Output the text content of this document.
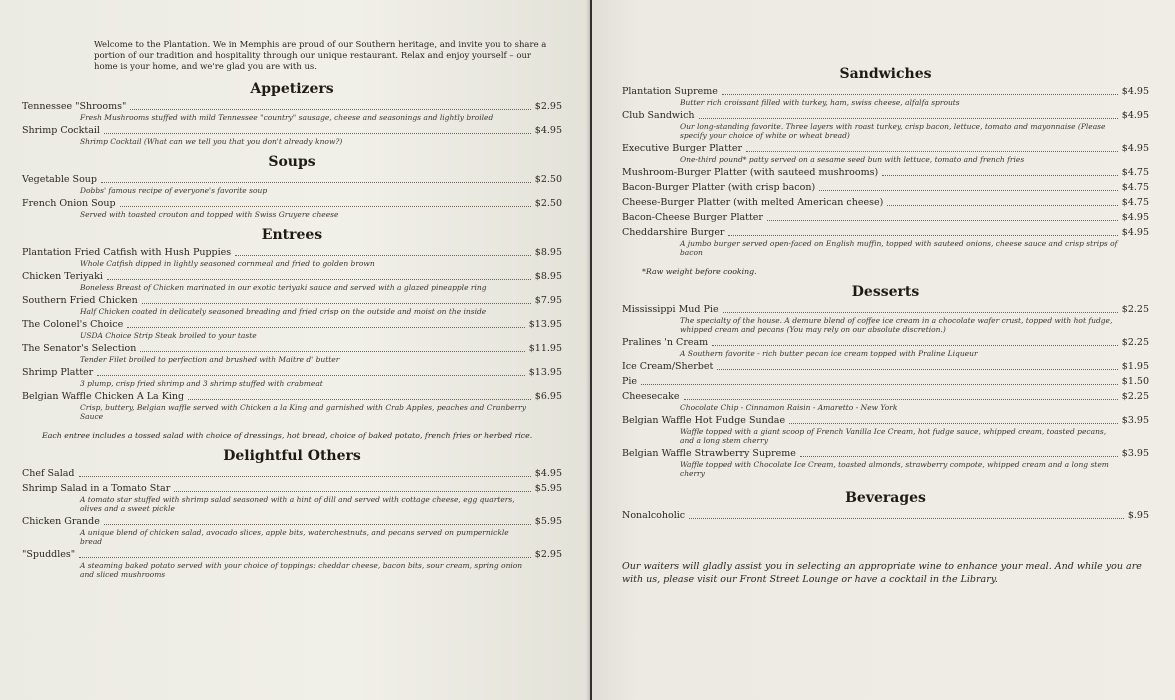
Welcome to the Plantation. We in Memphis are proud of our Southern heritage, and invite you to share a portion of our tradition and hospitality through our unique restaurant. Relax and enjoy yourself – our home is your home, and we're glad you are with us.
Appetizers
Tennessee "Shrooms"	$2.95
Fresh Mushrooms stuffed with mild Tennessee "country" sausage, cheese and seasonings and lightly broiled
Shrimp Cocktail	$4.95
Shrimp Cocktail (What can we tell you that you don't already know?)
Soups
Vegetable Soup	$2.50
Dobbs' famous recipe of everyone's favorite soup
French Onion Soup	$2.50
Served with toasted crouton and topped with Swiss Gruyere cheese
Entrees
Plantation Fried Catfish with Hush Puppies	$8.95
Whole Catfish dipped in lightly seasoned cornmeal and fried to golden brown
Chicken Teriyaki	$8.95
Boneless Breast of Chicken marinated in our exotic teriyaki sauce and served with a glazed pineapple ring
Southern Fried Chicken	$7.95
Half Chicken coated in delicately seasoned breading and fried crisp on the outside and moist on the inside
The Colonel's Choice	$13.95
USDA Choice Strip Steak broiled to your taste
The Senator's Selection	$11.95
Tender Filet broiled to perfection and brushed with Maitre d' butter
Shrimp Platter	$13.95
3 plump, crisp fried shrimp and 3 shrimp stuffed with crabmeat
Belgian Waffle Chicken A La King	$6.95
Crisp, buttery, Belgian waffle served with Chicken a la King and garnished with Crab Apples, peaches and Cranberry Sauce
Each entree includes a tossed salad with choice of dressings, hot bread, choice of baked potato, french fries or herbed rice.
Delightful Others
Chef Salad	$4.95
Shrimp Salad in a Tomato Star	$5.95
A tomato star stuffed with shrimp salad seasoned with a hint of dill and served with cottage cheese, egg quarters, olives and a sweet pickle
Chicken Grande	$5.95
A unique blend of chicken salad, avocado slices, apple bits, waterchestnuts, and pecans served on pumpernickle bread
"Spuddles"	$2.95
A steaming baked potato served with your choice of toppings: cheddar cheese, bacon bits, sour cream, spring onion and sliced mushrooms
Sandwiches
Plantation Supreme	$4.95
Butter rich croissant filled with turkey, ham, swiss cheese, alfalfa sprouts
Club Sandwich	$4.95
Our long-standing favorite. Three layers with roast turkey, crisp bacon, lettuce, tomato and mayonnaise (Please specify your choice of white or wheat bread)
Executive Burger Platter	$4.95
One-third pound* patty served on a sesame seed bun with lettuce, tomato and french fries
Mushroom-Burger Platter (with sauteed mushrooms)	$4.75
Bacon-Burger Platter (with crisp bacon)	$4.75
Cheese-Burger Platter (with melted American cheese)	$4.75
Bacon-Cheese Burger Platter	$4.95
Cheddarshire Burger	$4.95
A jumbo burger served open-faced on English muffin, topped with sauteed onions, cheese sauce and crisp strips of bacon
*Raw weight before cooking.
Desserts
Mississippi Mud Pie	$2.25
The specialty of the house. A demure blend of coffee ice cream in a chocolate wafer crust, topped with hot fudge, whipped cream and pecans (You may rely on our absolute discretion.)
Pralines 'n Cream	$2.25
A Southern favorite - rich butter pecan ice cream topped with Praline Liqueur
Ice Cream/Sherbet	$1.95
Pie	$1.50
Cheesecake	$2.25
Chocolate Chip - Cinnamon Raisin - Amaretto - New York
Belgian Waffle Hot Fudge Sundae	$3.95
Waffle topped with a giant scoop of French Vanilla Ice Cream, hot fudge sauce, whipped cream, toasted pecans, and a long stem cherry
Belgian Waffle Strawberry Supreme	$3.95
Waffle topped with Chocolate Ice Cream, toasted almonds, strawberry compote, whipped cream and a long stem cherry
Beverages
Nonalcoholic	$.95
Our waiters will gladly assist you in selecting an appropriate wine to enhance your meal. And while you are with us, please visit our Front Street Lounge or have a cocktail in the Library.
